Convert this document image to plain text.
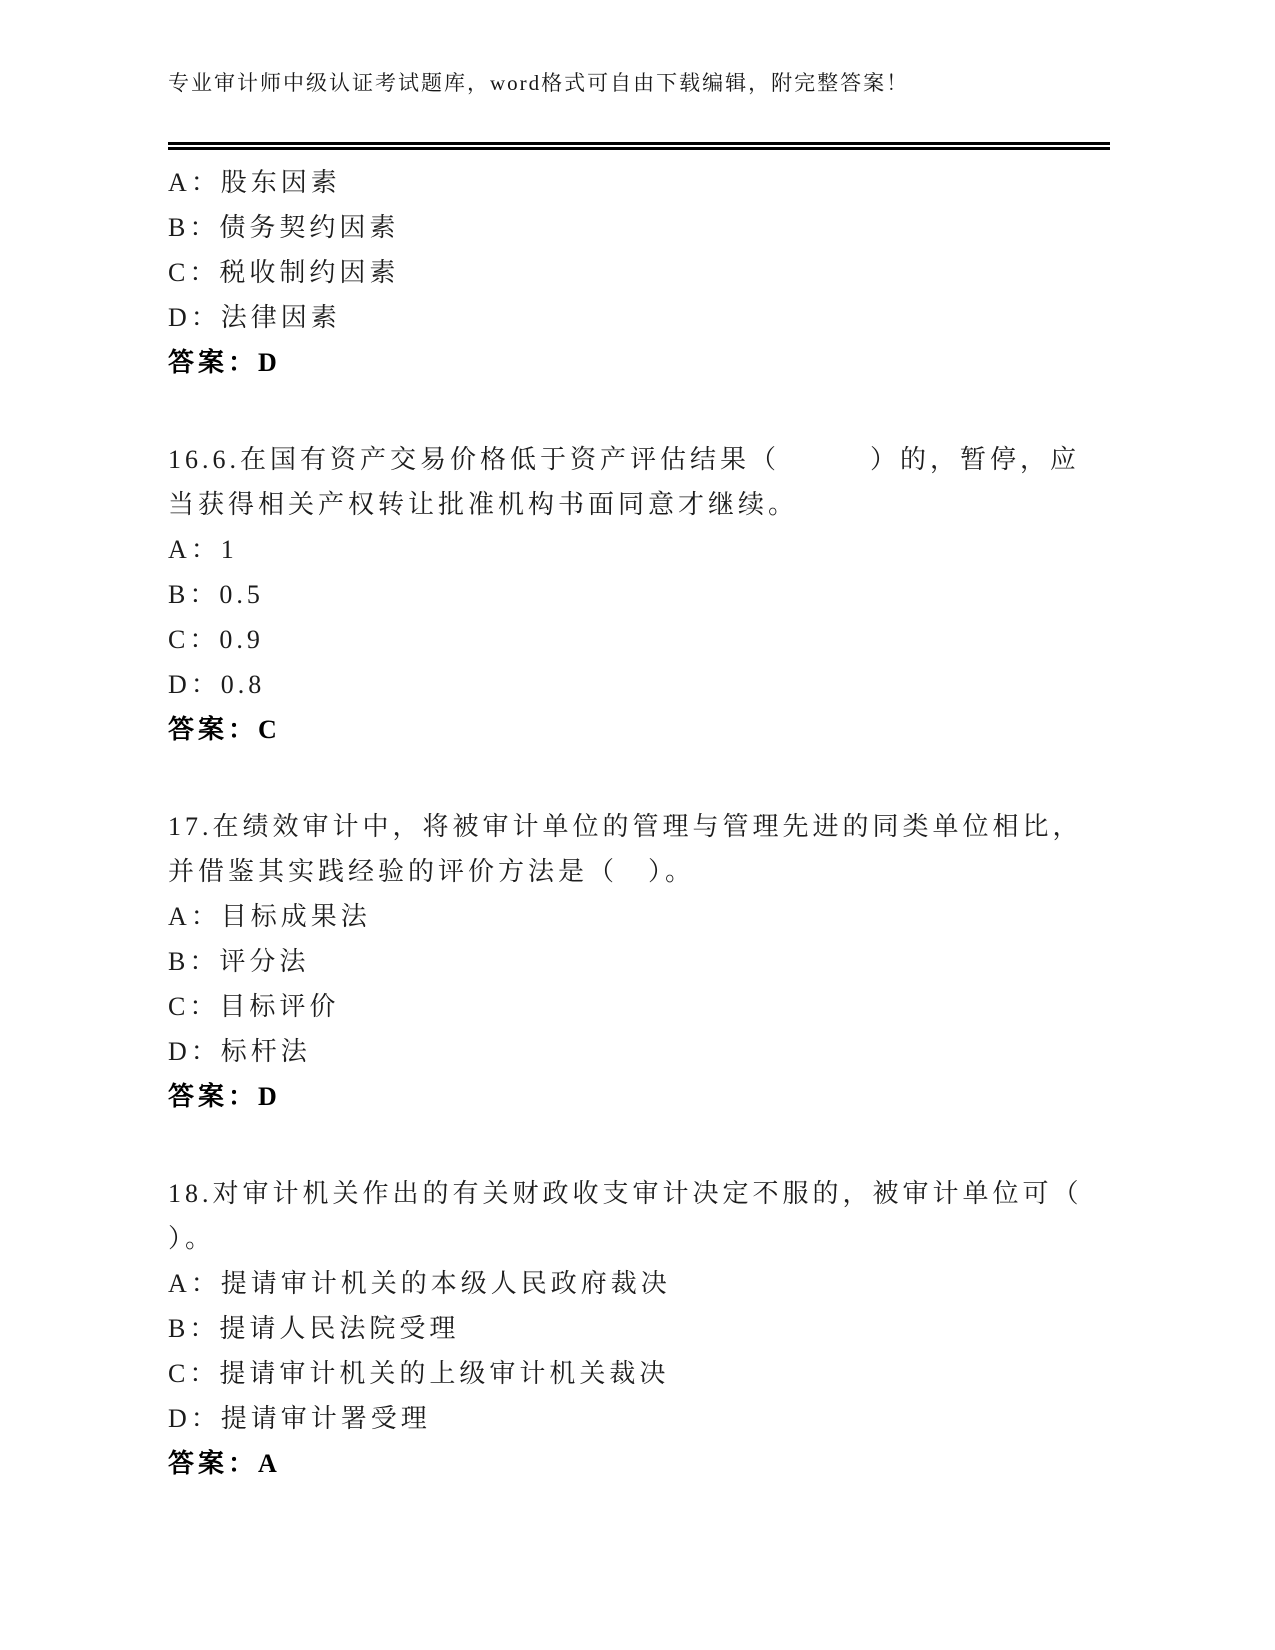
专业审计师中级认证考试题库，word格式可自由下载编辑，附完整答案！
A：股东因素
B：债务契约因素
C：税收制约因素
D：法律因素
答案：D
16.6.在国有资产交易价格低于资产评估结果（　　　）的，暂停，应
当获得相关产权转让批准机构书面同意才继续。
A：1
B：0.5
C：0.9
D：0.8
答案：C
17.在绩效审计中，将被审计单位的管理与管理先进的同类单位相比，
并借鉴其实践经验的评价方法是（　）。
A：目标成果法
B：评分法
C：目标评价
D：标杆法
答案：D
18.对审计机关作出的有关财政收支审计决定不服的，被审计单位可（
）。
A：提请审计机关的本级人民政府裁决
B：提请人民法院受理
C：提请审计机关的上级审计机关裁决
D：提请审计署受理
答案：A
